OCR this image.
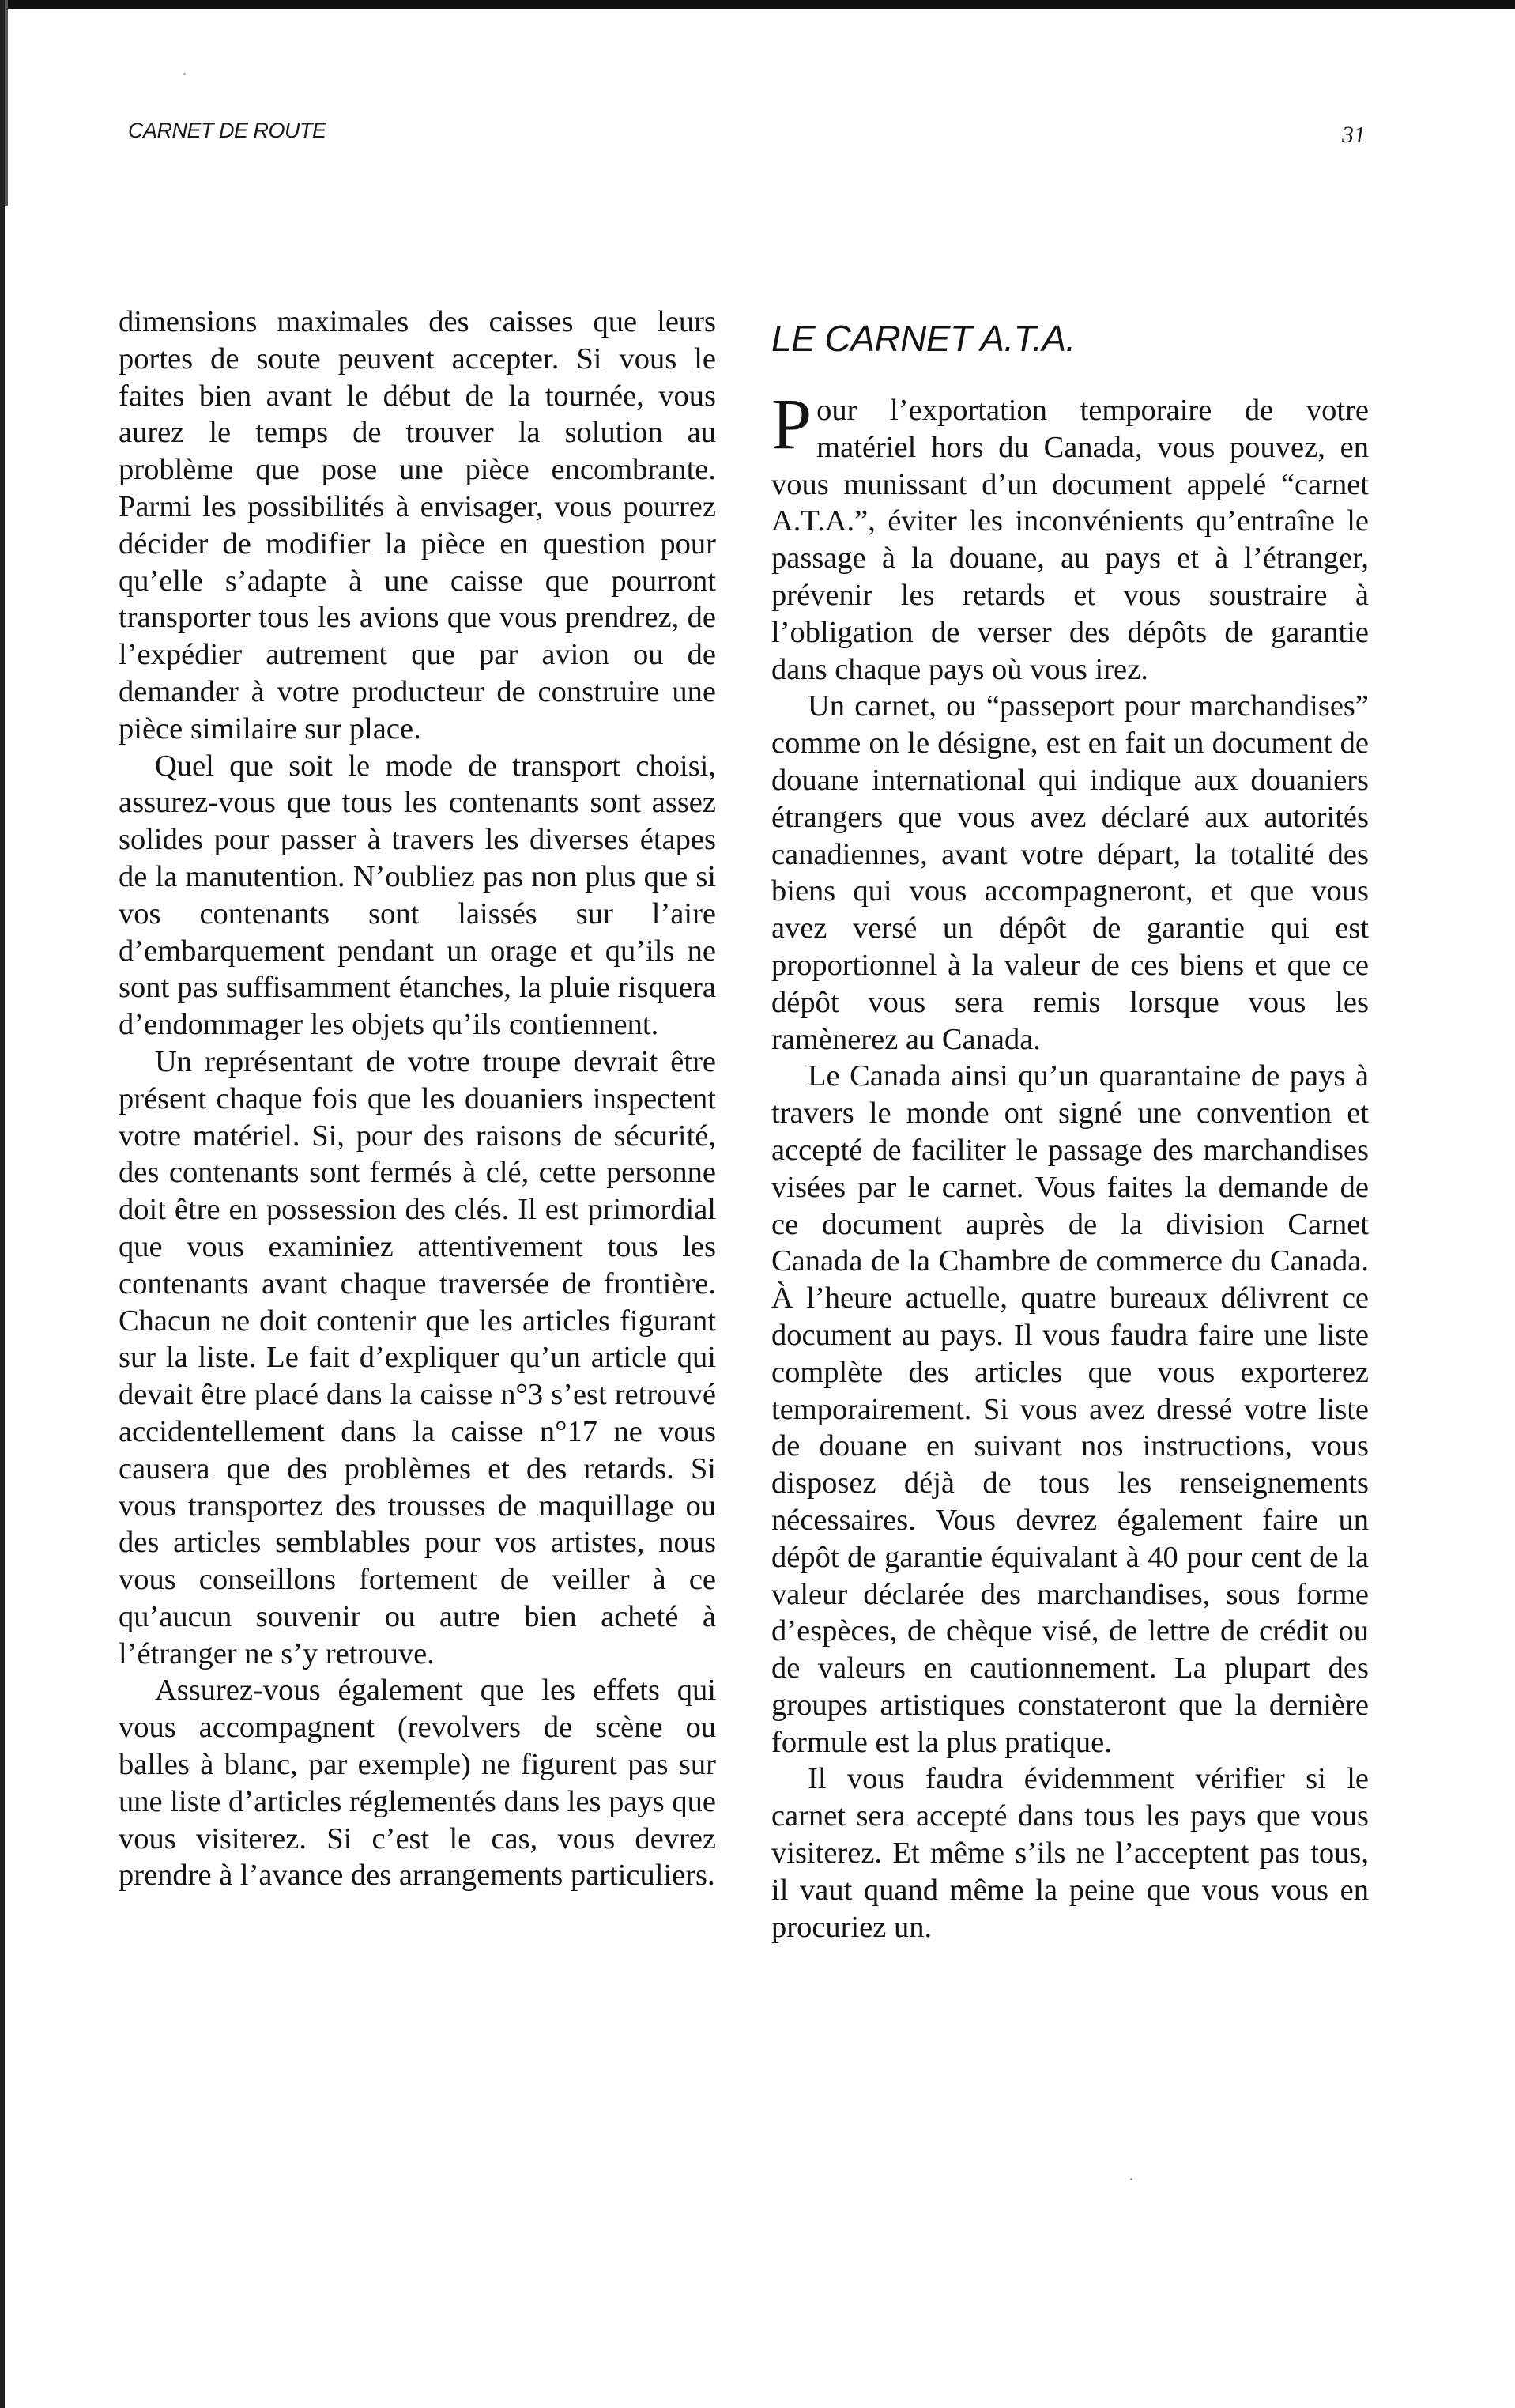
CARNET DE ROUTE	31

dimensions maximales des caisses que leurs portes de soute peuvent accepter. Si vous le faites bien avant le début de la tournée, vous aurez le temps de trouver la solution au problème que pose une pièce encombrante. Parmi les possibilités à envisager, vous pourrez décider de modifier la pièce en question pour qu’elle s’adapte à une caisse que pourront transporter tous les avions que vous prendrez, de l’expédier autrement que par avion ou de demander à votre producteur de construire une pièce similaire sur place.

Quel que soit le mode de transport choisi, assurez-vous que tous les contenants sont assez solides pour passer à travers les diverses étapes de la manutention. N’oubliez pas non plus que si vos contenants sont laissés sur l’aire d’embarquement pendant un orage et qu’ils ne sont pas suffisamment étanches, la pluie risquera d’endommager les objets qu’ils contiennent.

Un représentant de votre troupe devrait être présent chaque fois que les douaniers inspectent votre matériel. Si, pour des raisons de sécurité, des contenants sont fermés à clé, cette personne doit être en possession des clés. Il est primordial que vous examiniez attentivement tous les contenants avant chaque traversée de frontière. Chacun ne doit contenir que les articles figurant sur la liste. Le fait d’expliquer qu’un article qui devait être placé dans la caisse n°3 s’est retrouvé accidentellement dans la caisse n°17 ne vous causera que des problèmes et des retards. Si vous transportez des trousses de maquillage ou des articles semblables pour vos artistes, nous vous conseillons fortement de veiller à ce qu’aucun souvenir ou autre bien acheté à l’étranger ne s’y retrouve.

Assurez-vous également que les effets qui vous accompagnent (revolvers de scène ou balles à blanc, par exemple) ne figurent pas sur une liste d’articles réglementés dans les pays que vous visiterez. Si c’est le cas, vous devrez prendre à l’avance des arrangements particuliers.

LE CARNET A.T.A.

Pour l’exportation temporaire de votre matériel hors du Canada, vous pouvez, en vous munissant d’un document appelé “carnet A.T.A.”, éviter les inconvénients qu’entraîne le passage à la douane, au pays et à l’étranger, prévenir les retards et vous soustraire à l’obligation de verser des dépôts de garantie dans chaque pays où vous irez.

Un carnet, ou “passeport pour marchandises” comme on le désigne, est en fait un document de douane international qui indique aux douaniers étrangers que vous avez déclaré aux autorités canadiennes, avant votre départ, la totalité des biens qui vous accompagneront, et que vous avez versé un dépôt de garantie qui est proportionnel à la valeur de ces biens et que ce dépôt vous sera remis lorsque vous les ramènerez au Canada.

Le Canada ainsi qu’un quarantaine de pays à travers le monde ont signé une convention et accepté de faciliter le passage des marchandises visées par le carnet. Vous faites la demande de ce document auprès de la division Carnet Canada de la Chambre de commerce du Canada. À l’heure actuelle, quatre bureaux délivrent ce document au pays. Il vous faudra faire une liste complète des articles que vous exporterez temporairement. Si vous avez dressé votre liste de douane en suivant nos instructions, vous disposez déjà de tous les renseignements nécessaires. Vous devrez également faire un dépôt de garantie équivalant à 40 pour cent de la valeur déclarée des marchandises, sous forme d’espèces, de chèque visé, de lettre de crédit ou de valeurs en cautionnement. La plupart des groupes artistiques constateront que la dernière formule est la plus pratique.

Il vous faudra évidemment vérifier si le carnet sera accepté dans tous les pays que vous visiterez. Et même s’ils ne l’acceptent pas tous, il vaut quand même la peine que vous vous en procuriez un.
